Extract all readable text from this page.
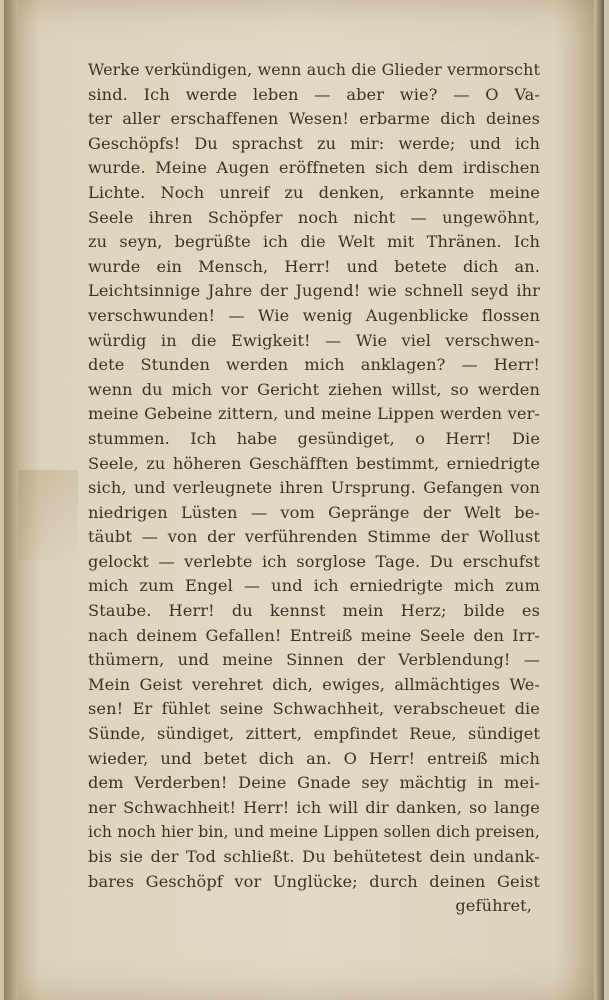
Werke verkündigen, wenn auch die Glieder vermorscht
sind. Ich werde leben — aber wie? — O Va-
ter aller erschaffenen Wesen! erbarme dich deines
Geschöpfs! Du sprachst zu mir: werde; und ich
wurde. Meine Augen eröffneten sich dem irdischen
Lichte. Noch unreif zu denken, erkannte meine
Seele ihren Schöpfer noch nicht — ungewöhnt,
zu seyn, begrüßte ich die Welt mit Thränen. Ich
wurde ein Mensch, Herr! und betete dich an.
Leichtsinnige Jahre der Jugend! wie schnell seyd ihr
verschwunden! — Wie wenig Augenblicke flossen
würdig in die Ewigkeit! — Wie viel verschwen-
dete Stunden werden mich anklagen? — Herr!
wenn du mich vor Gericht ziehen willst, so werden
meine Gebeine zittern, und meine Lippen werden ver-
stummen. Ich habe gesündiget, o Herr! Die
Seele, zu höheren Geschäfften bestimmt, erniedrigte
sich, und verleugnete ihren Ursprung. Gefangen von
niedrigen Lüsten — vom Gepränge der Welt be-
täubt — von der verführenden Stimme der Wollust
gelockt — verlebte ich sorglose Tage. Du erschufst
mich zum Engel — und ich erniedrigte mich zum
Staube. Herr! du kennst mein Herz; bilde es
nach deinem Gefallen! Entreiß meine Seele den Irr-
thümern, und meine Sinnen der Verblendung! —
Mein Geist verehret dich, ewiges, allmächtiges We-
sen! Er fühlet seine Schwachheit, verabscheuet die
Sünde, sündiget, zittert, empfindet Reue, sündiget
wieder, und betet dich an. O Herr! entreiß mich
dem Verderben! Deine Gnade sey mächtig in mei-
ner Schwachheit! Herr! ich will dir danken, so lange
ich noch hier bin, und meine Lippen sollen dich preisen,
bis sie der Tod schließt. Du behütetest dein undank-
bares Geschöpf vor Unglücke; durch deinen Geist
geführet,
